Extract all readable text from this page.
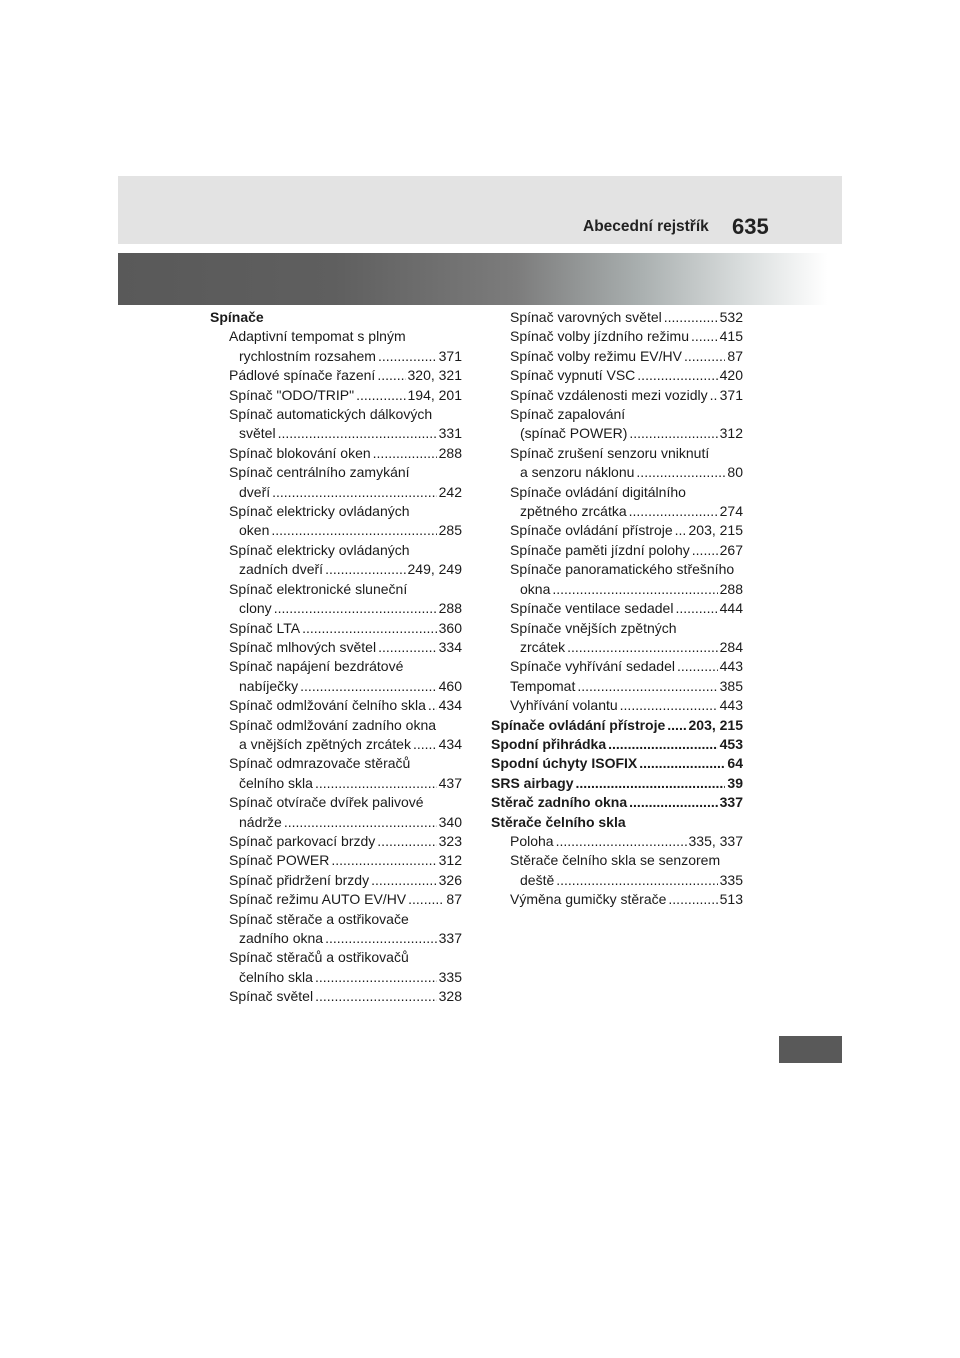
Abecední rejstřík 635
Spínače
Adaptivní tempomat s plným
rychlostním rozsahem .....	371
Pádlové spínače řazení ..... 320, 321
Spínač "ODO/TRIP" .....	194, 201
Spínač automatických dálkových
světel .....	331
Spínač blokování oken .....	288
Spínač centrálního zamykání
dveří .....	242
Spínač elektricky ovládaných
oken .....	285
Spínač elektricky ovládaných
zadních dveří .....	249, 249
Spínač elektronické sluneční
clony .....	288
Spínač LTA .....	360
Spínač mlhových světel .....	334
Spínač napájení bezdrátové
nabíječky .....	460
Spínač odmlžování čelního skla ..... 434
Spínač odmlžování zadního okna
a vnějších zpětných zrcátek ..... 434
Spínač odmrazovače stěračů
čelního skla .....	437
Spínač otvírače dvířek palivové
nádrže .....	340
Spínač parkovací brzdy .....	323
Spínač POWER .....	312
Spínač přidržení brzdy .....	326
Spínač režimu AUTO EV/HV .....	87
Spínač stěrače a ostřikovače
zadního okna .....	337
Spínač stěračů a ostřikovačů
čelního skla .....	335
Spínač světel .....	328
Spínač varovných světel .....	532
Spínač volby jízdního režimu ..... 415
Spínač volby režimu EV/HV .....	87
Spínač vypnutí VSC .....	420
Spínač vzdálenosti mezi vozidly ..... 371
Spínač zapalování
(spínač POWER) .....	312
Spínač zrušení senzoru vniknutí
a senzoru náklonu .....	80
Spínače ovládání digitálního
zpětného zrcátka .....	274
Spínače ovládání přístroje ..... 203, 215
Spínače paměti jízdní polohy ..... 267
Spínače panoramatického střešního
okna .....	288
Spínače ventilace sedadel .....	444
Spínače vnějších zpětných
zrcátek .....	284
Spínače vyhřívání sedadel .....	443
Tempomat .....	385
Vyhřívání volantu .....	443
Spínače ovládání přístroje ..... 203, 215
Spodní přihrádka .....	453
Spodní úchyty ISOFIX .....	64
SRS airbagy .....	39
Stěrač zadního okna .....	337
Stěrače čelního skla
Poloha .....	335, 337
Stěrače čelního skla se senzorem
deště .....	335
Výměna gumičky stěrače .....	513
